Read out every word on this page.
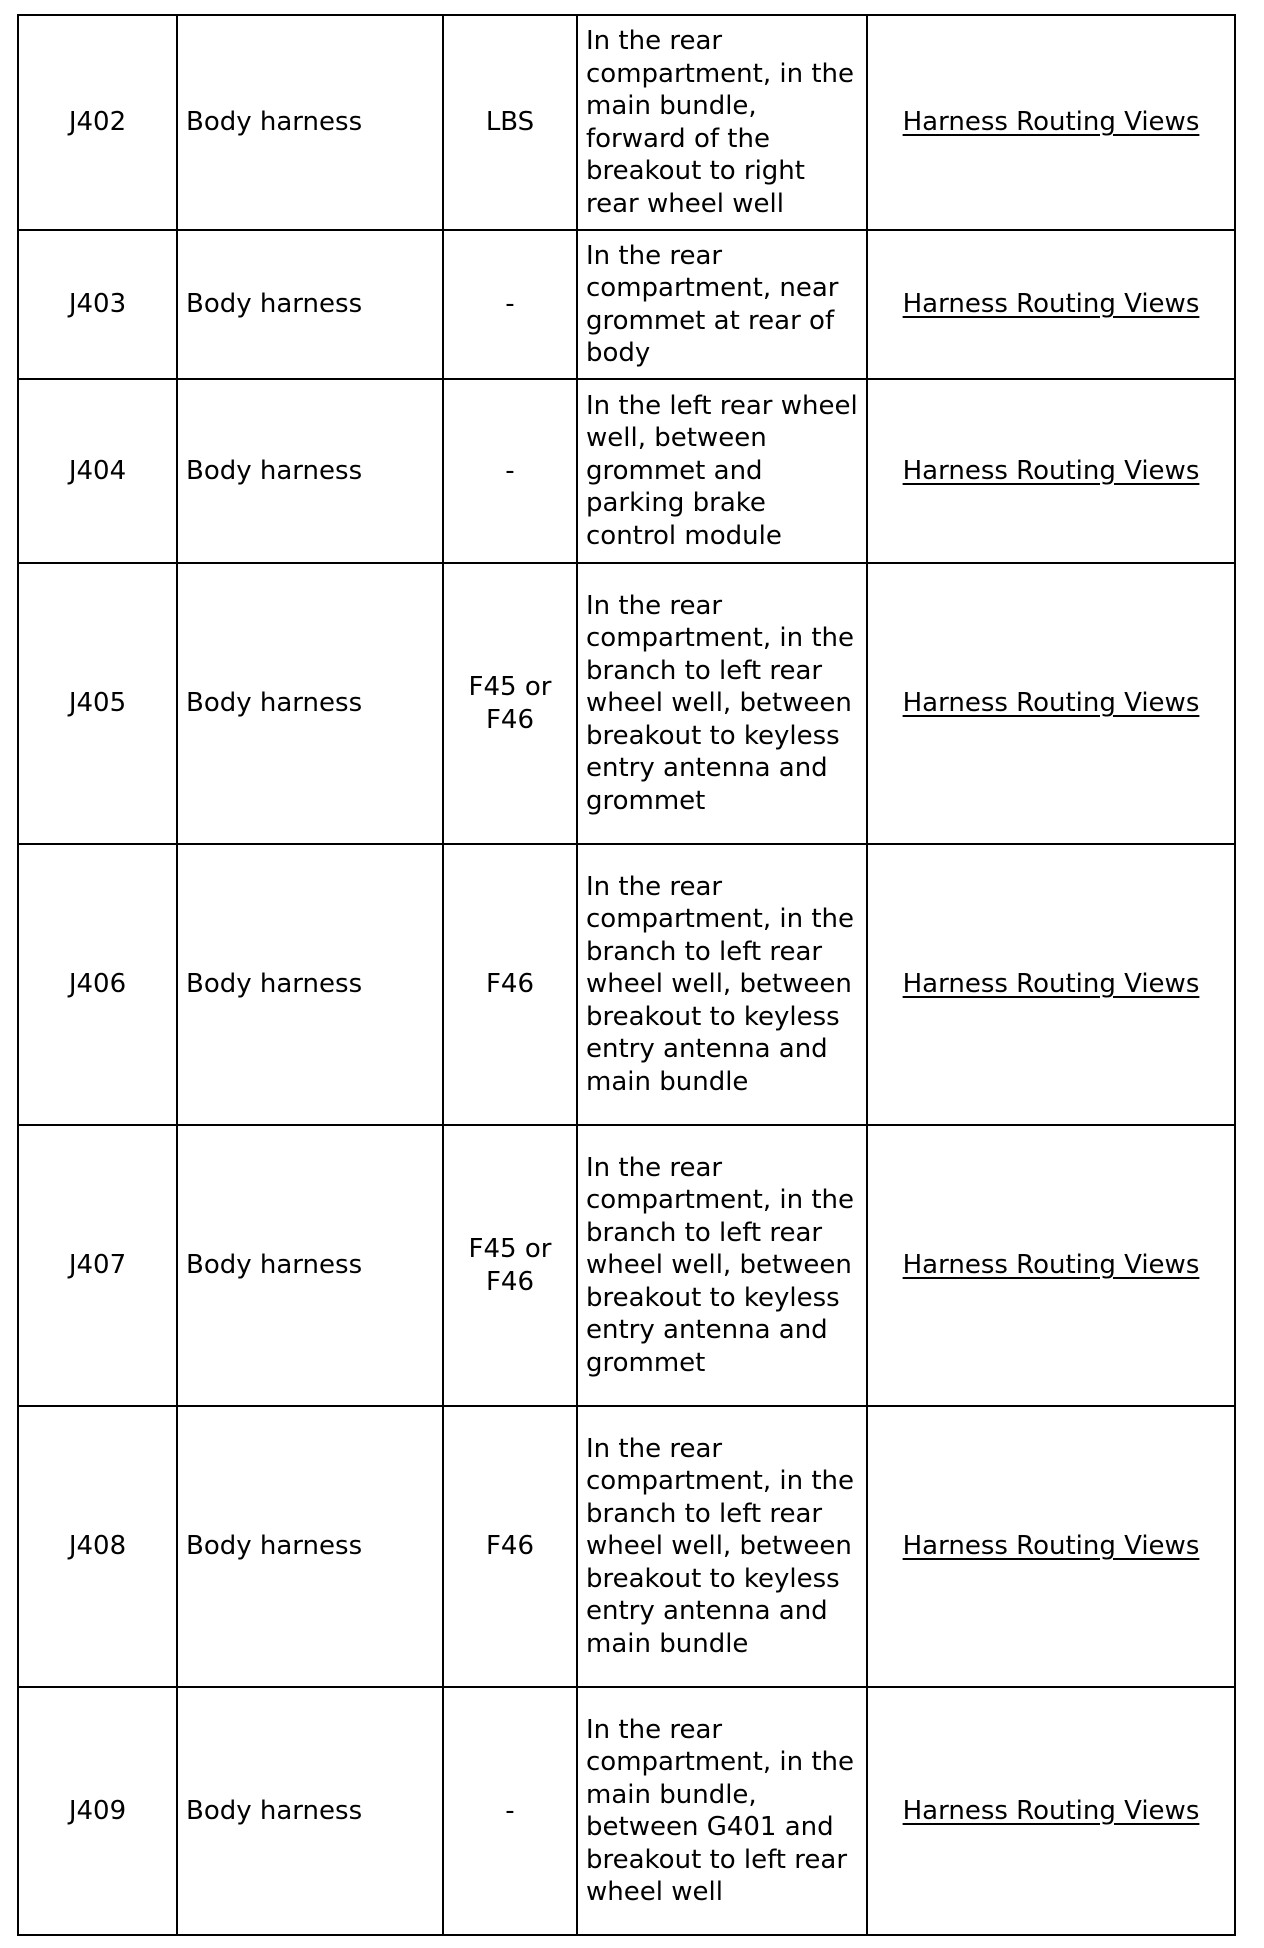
J402	Body harness	LBS	In the rear compartment, in the main bundle, forward of the breakout to right rear wheel well	Harness Routing Views
J403	Body harness	-	In the rear compartment, near grommet at rear of body	Harness Routing Views
J404	Body harness	-	In the left rear wheel well, between grommet and parking brake control module	Harness Routing Views
J405	Body harness	F45 or F46	In the rear compartment, in the branch to left rear wheel well, between breakout to keyless entry antenna and grommet	Harness Routing Views
J406	Body harness	F46	In the rear compartment, in the branch to left rear wheel well, between breakout to keyless entry antenna and main bundle	Harness Routing Views
J407	Body harness	F45 or F46	In the rear compartment, in the branch to left rear wheel well, between breakout to keyless entry antenna and grommet	Harness Routing Views
J408	Body harness	F46	In the rear compartment, in the branch to left rear wheel well, between breakout to keyless entry antenna and main bundle	Harness Routing Views
J409	Body harness	-	In the rear compartment, in the main bundle, between G401 and breakout to left rear wheel well	Harness Routing Views
